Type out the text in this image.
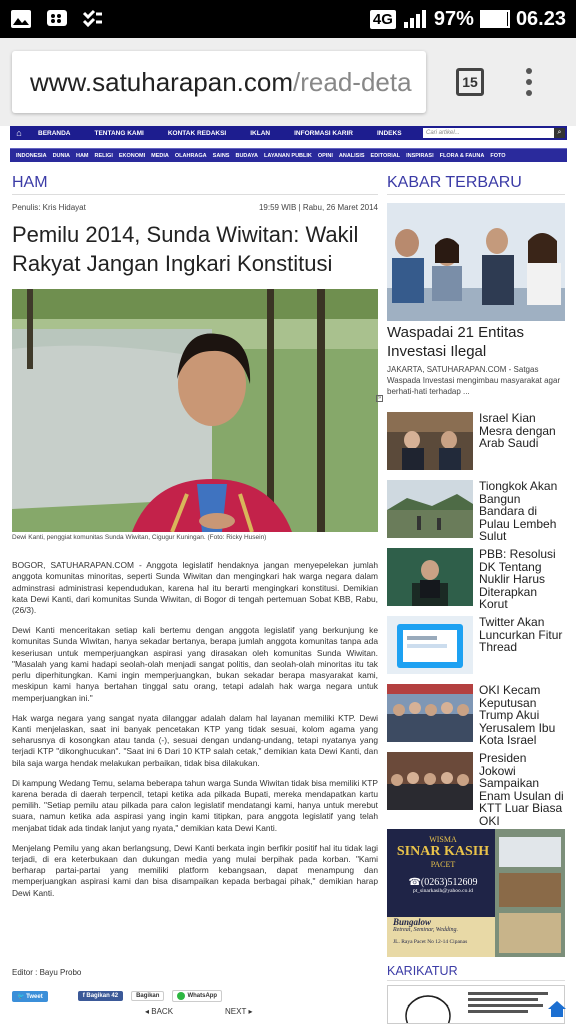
4G 97% 06.23
www.satuharapan.com /read-deta	15
⌂	BERANDA	TENTANG KAMI	KONTAK REDAKSI	IKLAN	INFORMASI KARIR	INDEKS	Cari artikel...	⌕
INDONESIA DUNIA HAM RELIGI EKONOMI MEDIA OLAHRAGA SAINS BUDAYA LAYANAN PUBLIK OPINI ANALISIS EDITORIAL INSPIRASI FLORA & FAUNA FOTO
HAM
Penulis: Kris Hidayat	19:59 WIB | Rabu, 26 Maret 2014
Pemilu 2014, Sunda Wiwitan: Wakil Rakyat Jangan Ingkari Konstitusi
Dewi Kanti, penggiat komunitas Sunda Wiwitan, Cigugur Kuningan. (Foto: Ricky Husein)

BOGOR, SATUHARAPAN.COM - Anggota legislatif hendaknya jangan menyepelekan jumlah anggota komunitas minoritas, seperti Sunda Wiwitan dan mengingkari hak warga negara dalam adminstrasi administrasi kependudukan, karena hal itu berarti mengingkari konstitusi. Demikian kata Dewi Kanti, dari komunitas Sunda Wiwitan, di Bogor di tengah pertemuan Sobat KBB, Rabu, (26/3).

Dewi Kanti menceritakan setiap kali bertemu dengan anggota legislatif yang berkunjung ke komunitas Sunda Wiwitan, hanya sekadar bertanya, berapa jumlah anggota komunitas tanpa ada keseriusan untuk memperjuangkan aspirasi yang dirasakan oleh komunitas Sunda Wiwitan. "Masalah yang kami hadapi seolah-olah menjadi sangat politis, dan seolah-olah minoritas itu tak perlu diperhitungkan. Kami ingin memperjuangkan, bukan sekadar berapa masyarakat kami, meskipun kami hanya bertahan tinggal satu orang, tetapi adalah hak warga negara untuk memperjuangkan ini."

Hak warga negara yang sangat nyata dilanggar adalah dalam hal layanan memiliki KTP. Dewi Kanti menjelaskan, saat ini banyak pencetakan KTP yang tidak sesuai, kolom agama yang seharusnya di kosongkan atau tanda (-), sesuai dengan undang-undang, tetapi nyatanya yang terjadi KTP "dikonghucukan". "Saat ini 6 Dari 10 KTP salah cetak," demikian kata Dewi Kanti, dan bila saja warga hendak melakukan perbaikan, tidak bisa dilakukan.

Di kampung Wedang Temu, selama beberapa tahun warga Sunda Wiwitan tidak bisa memiliki KTP karena berada di daerah terpencil, tetapi ketika ada pilkada Bupati, mereka mendapatkan kartu pemilih. "Setiap pemilu atau pilkada para calon legislatif mendatangi kami, hanya untuk merebut suara, namun ketika ada aspirasi yang ingin kami titipkan, para anggota legislatif yang telah menjabat tidak ada tindak lanjut yang nyata," demikian kata Dewi Kanti.

Menjelang Pemilu yang akan berlangsung, Dewi Kanti berkata ingin berfikir positif hal itu tidak lagi terjadi, di era keterbukaan dan dukungan media yang mulai berpihak pada korban. "Kami berharap partai-partai yang memiliki platform kebangsaan, dapat menampung dan memperjuangkan aspirasi kami dan bisa disampaikan kepada berbagai pihak," demikian harap Dewi Kanti.

Editor : Bayu Probo
🐦 Tweet	f Bagikan 42	Bagikan	WhatsApp
◂ BACK	NEXT ▸
KABAR TERBARU
Waspadai 21 Entitas Investasi Ilegal
JAKARTA, SATUHARAPAN.COM - Satgas Waspada Investasi mengimbau masyarakat agar berhati-hati terhadap ...
»
Israel Kian Mesra dengan Arab Saudi
Tiongkok Akan Bangun Bandara di Pulau Lembeh Sulut
PBB: Resolusi DK Tentang Nuklir Harus Diterapkan Korut
Twitter Akan Luncurkan Fitur Thread
OKI Kecam Keputusan Trump Akui Yerusalem Ibu Kota Israel
Presiden Jokowi Sampaikan Enam Usulan di KTT Luar Biasa OKI
WISMA
SINAR KASIH
PACET
☎(0263)512609
pt_sinarkasih@yahoo.co.id
Bungalow
Retreat, Seminar, Wedding.
JL. Raya Pacet No 12-14 Cipanas
KARIKATUR
